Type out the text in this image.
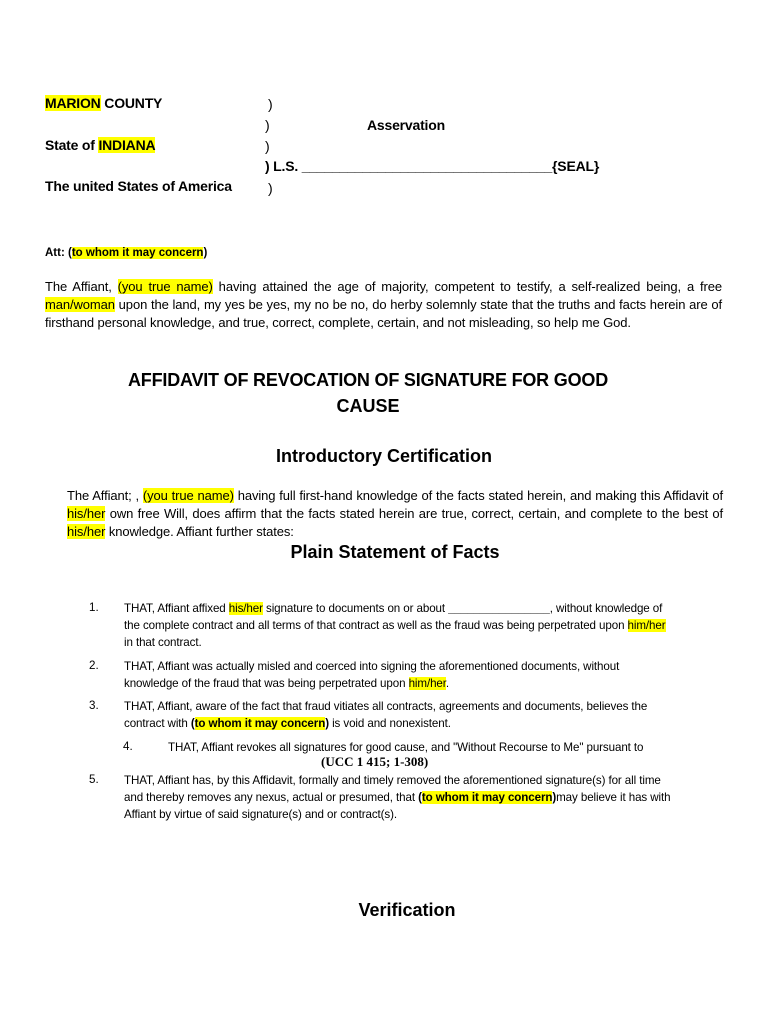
MARION COUNTY
State of INDIANA
The united States of America
)
)
)
) L.S. _________________________________{SEAL}
)
Asservation
Att: (to whom it may concern)
The Affiant, (you true name) having attained the age of majority, competent to testify, a self-realized being, a free man/woman upon the land, my yes be yes, my no be no, do herby solemnly state that the truths and facts herein are of firsthand personal knowledge, and true, correct, complete, certain, and not misleading, so help me God.
AFFIDAVIT OF REVOCATION OF SIGNATURE FOR GOOD
CAUSE
Introductory Certification
The Affiant; , (you true name) having full first-hand knowledge of the facts stated herein, and making this Affidavit of his/her own free Will, does affirm that the facts stated herein are true, correct, certain, and complete to the best of his/her knowledge. Affiant further states:
Plain Statement of Facts
1. THAT, Affiant affixed his/her signature to documents on or about ________________, without knowledge of the complete contract and all terms of that contract as well as the fraud was being perpetrated upon him/her in that contract.
2. THAT, Affiant was actually misled and coerced into signing the aforementioned documents, without knowledge of the fraud that was being perpetrated upon him/her.
3. THAT, Affiant, aware of the fact that fraud vitiates all contracts, agreements and documents, believes the contract with (to whom it may concern) is void and nonexistent.
4.	THAT, Affiant revokes all signatures for good cause, and "Without Recourse to Me" pursuant to
(UCC 1 415; 1-308)
5. THAT, Affiant has, by this Affidavit, formally and timely removed the aforementioned signature(s) for all time and thereby removes any nexus, actual or presumed, that (to whom it may concern)may believe it has with Affiant by virtue of said signature(s) and or contract(s).
Verification
